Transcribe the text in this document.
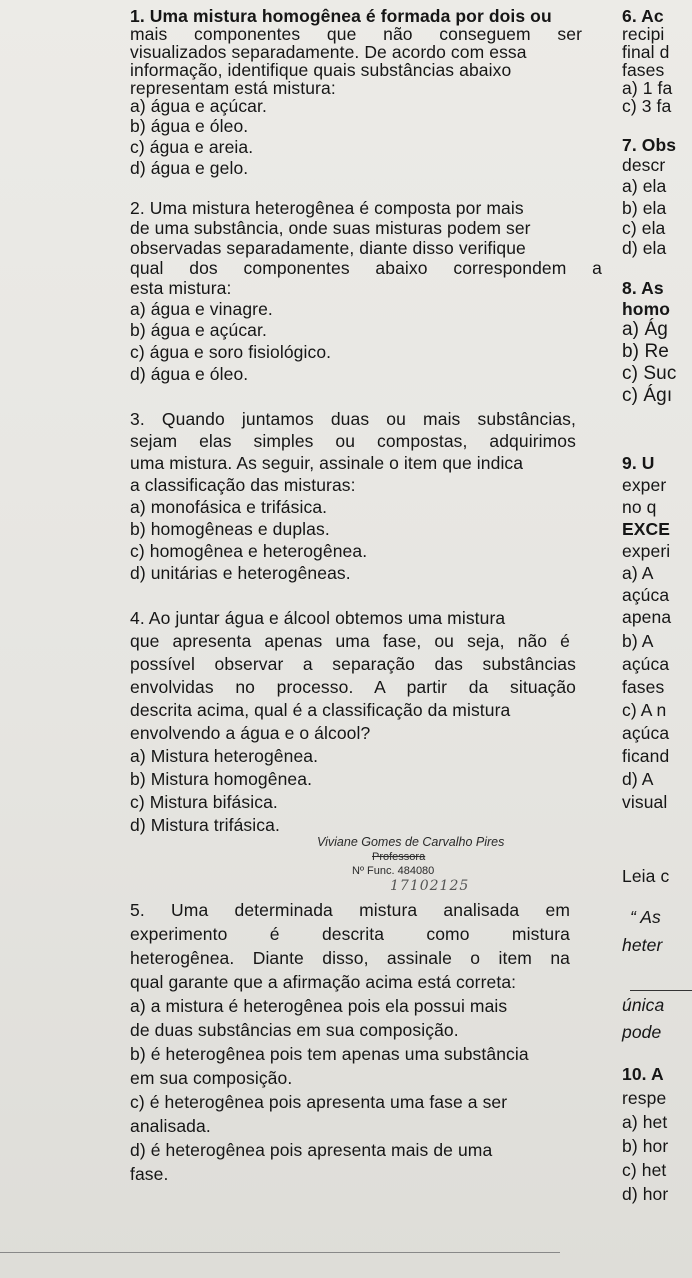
1. Uma mistura homogênea é formada por dois ou
mais componentes que não conseguem ser
visualizados separadamente. De acordo com essa
informação, identifique quais substâncias abaixo
representam está mistura:
a) água e açúcar.
b) água e óleo.
c) água e areia.
d) água e gelo.
2. Uma mistura heterogênea é composta por mais
de uma substância, onde suas misturas podem ser
observadas separadamente, diante disso verifique
qual dos componentes abaixo correspondem a
esta mistura:
a) água e vinagre.
b) água e açúcar.
c) água e soro fisiológico.
d) água e óleo.
3. Quando juntamos duas ou mais substâncias,
sejam elas simples ou compostas, adquirimos
uma mistura. As seguir, assinale o item que indica
a classificação das misturas:
a) monofásica e trifásica.
b) homogêneas e duplas.
c) homogênea e heterogênea.
d) unitárias e heterogêneas.
4. Ao juntar água e álcool obtemos uma mistura
que apresenta apenas uma fase, ou seja, não é
possível observar a separação das substâncias
envolvidas no processo. A partir da situação
descrita acima, qual é a classificação da mistura
envolvendo a água e o álcool?
a) Mistura heterogênea.
b) Mistura homogênea.
c) Mistura bifásica.
d) Mistura trifásica.
Viviane Gomes de Carvalho Pires
Professora
Nº Func. 484080
17102125
5. Uma determinada mistura analisada em
experimento é descrita como mistura
heterogênea. Diante disso, assinale o item na
qual garante que a afirmação acima está correta:
a) a mistura é heterogênea pois ela possui mais
de duas substâncias em sua composição.
b) é heterogênea pois tem apenas uma substância
em sua composição.
c) é heterogênea pois apresenta uma fase a ser
analisada.
d) é heterogênea pois apresenta mais de uma
fase.
6. Ac
recipi
final d
fases
a) 1 fa
c) 3 fa
7. Obs
descr
a) ela
b) ela
c) ela
d) ela
8. As
homo
a) Ág
b) Re
c) Suc
c) Ágı
9. U
exper
no q
EXCE
experi
a) A
açúca
apena
b) A
açúca
fases
c) A n
açúca
ficand
d) A
visual
Leia c
“ As
heter
única
pode
10. A
respe
a) het
b) hor
c) het
d) hor
